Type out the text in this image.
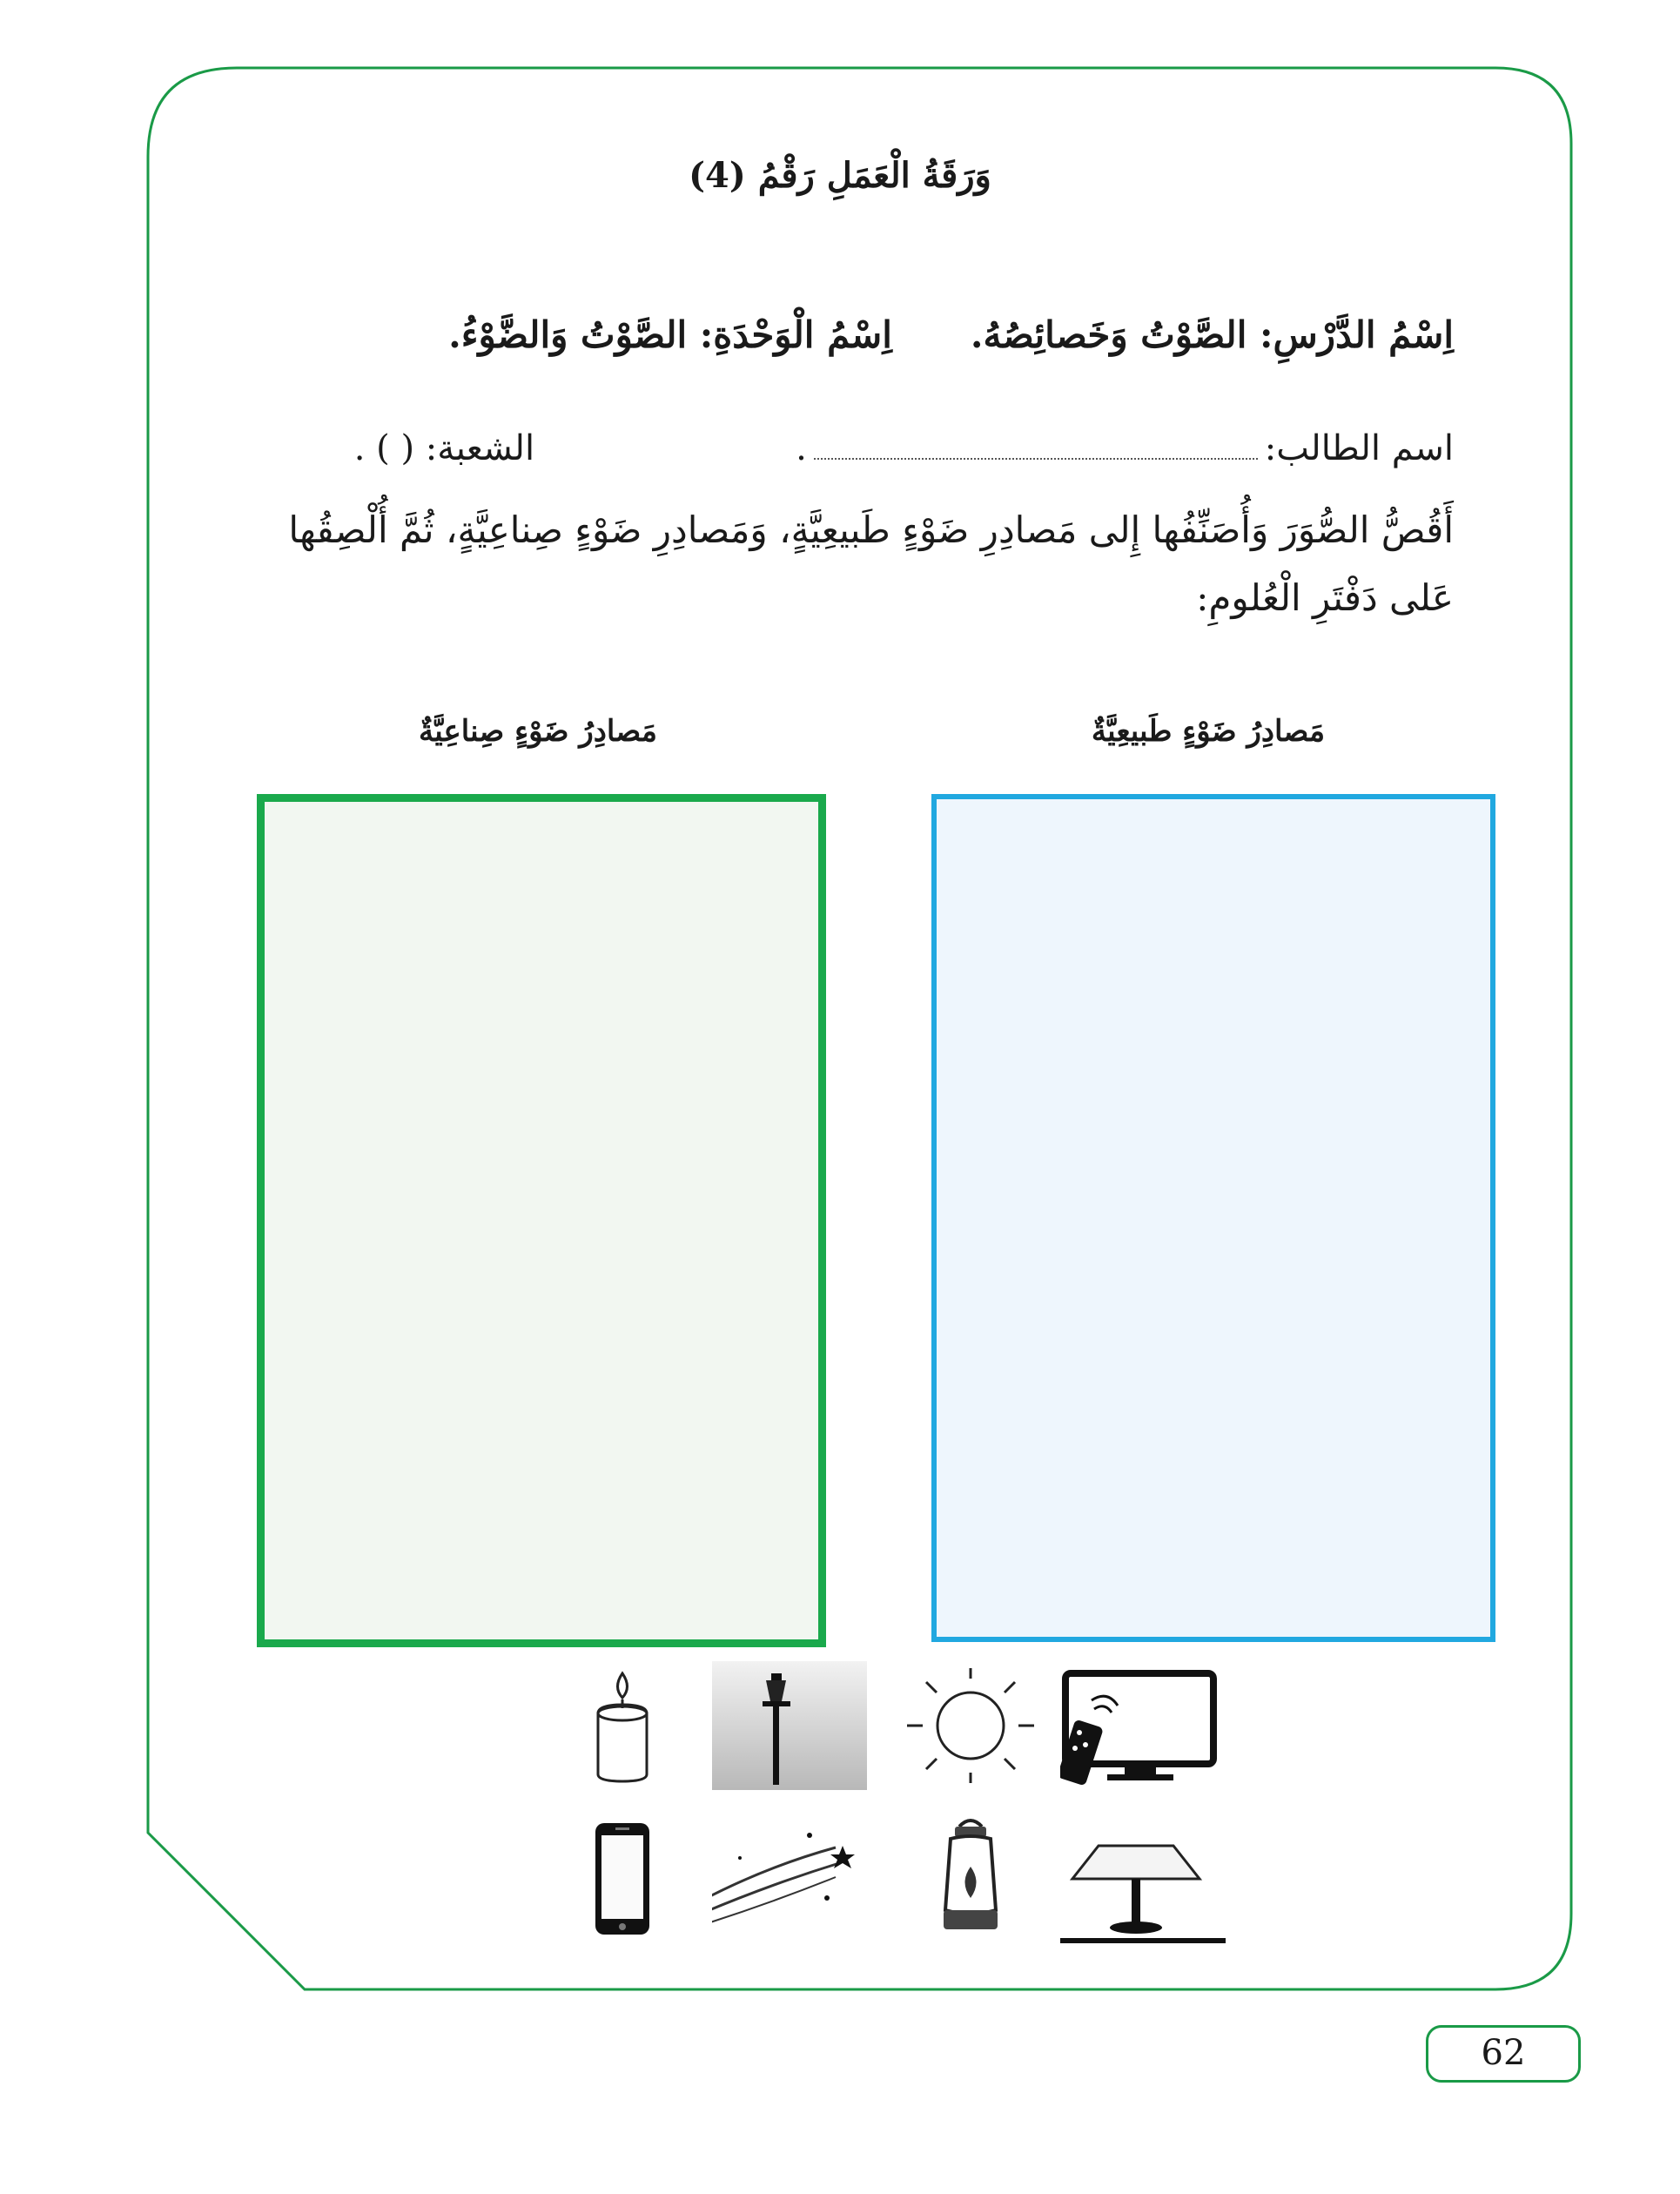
وَرَقَةُ الْعَمَلِ رَقْمُ (4)
اِسْمُ الدَّرْسِ: الصَّوْتُ وَخَصائِصُهُ.
اِسْمُ الْوَحْدَةِ: الصَّوْتُ وَالضَّوْءُ.
اسم الطالب:.الشعبة: ( ) .
أَقُصُّ الصُّوَرَ وَأُصَنِّفُها إِلى مَصادِرِ ضَوْءٍ طَبيعِيَّةٍ، وَمَصادِرِ ضَوْءٍ صِناعِيَّةٍ، ثُمَّ أُلْصِقُها عَلى دَفْتَرِ الْعُلومِ:
مَصادِرُ ضَوْءٍ طَبيعِيَّةٌ
مَصادِرُ ضَوْءٍ صِناعِيَّةٌ
62
